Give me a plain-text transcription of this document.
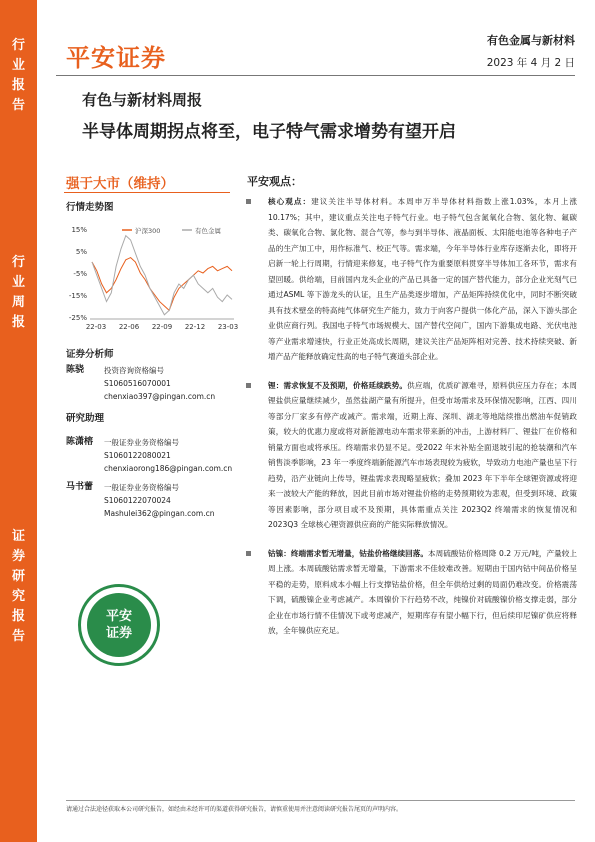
行
业
报
告
行
业
周
报
证
券
研
究
报
告
平安证券
有色金属与新材料
2023 年 4 月 2 日
有色与新材料周报
半导体周期拐点将至，电子特气需求增势有望开启
强于大市（维持）
行情走势图
15%
5%
-5%
-15%
-25%
22-03 22-06 22-09 22-12 23-03
沪深300	有色金属
证券分析师
陈骁	投资咨询资格编号
S1060516070001
chenxiao397@pingan.com.cn
研究助理
陈潇榕 一般证券业务资格编号
S1060122080021
chenxiaorong186@pingan.com.cn
马书蕾 一般证券业务资格编号
S1060122070024
Mashulei362@pingan.com.cn
平安
证券
平安观点：

核心观点：建议关注半导体材料。本周申万半导体材料指数上涨1.03%，本月上涨 10.17%；其中，建议重点关注电子特气行业。电子特气包含氮氧化合物、氢化物、氟碳类、碳氧化合物、氯化物、混合气等，参与到半导体、液晶面板、太阳能电池等各种电子产品的生产加工中，用作标准气、校正气等。需求端，今年半导体行业库存逐渐去化，即将开启新一轮上行周期，行情迎来修复，电子特气作为重要原料贯穿半导体加工各环节，需求有望回暖。供给端，目前国内龙头企业的产品已具备一定的国产替代能力，部分企业光刻气已通过ASML 等下游龙头的认证，且生产品类逐步增加，产品矩阵持续优化中，同时不断突破具有技术壁垒的特高纯气体研究生产能力，致力于向客户提供一体化产品，深入下游头部企业供应商行列。我国电子特气市场规模大、国产替代空间广，国内下游集成电路、光伏电池等产业需求增速快，行业正处高成长周期，建议关注产品矩阵相对完善、技术持续突破、新增产品产能释放确定性高的电子特气赛道头部企业。

锂：需求恢复不及预期，价格延续跌势。供应端，优质矿源难寻，原料供应压力存在；本周锂盐供应量继续减少，虽然盐湖产量有所提升，但受市场需求及环保情况影响，江西、四川等部分厂家多有停产或减产。需求端，近期上海、深圳、湖北等地陆续推出燃油车促销政策，较大的优惠力度或将对新能源电动车需求带来新的冲击，上游材料厂、锂盐厂在价格和销量方面也或将承压。终端需求仍显不足。受2022 年末补贴全面退坡引起的抢装潮和汽车销售淡季影响，23 年一季度终端新能源汽车市场表现较为疲软，导致动力电池产量也呈下行趋势，沿产业链向上传导，锂盐需求表现略显疲软；叠加 2023 年下半年全球锂资源或将迎来一波较大产能的释放，因此目前市场对锂盐价格的走势预期较为悲观，但受到环境、政策等因素影响，部分项目或不及预期，具体需重点关注 2023Q2 终端需求的恢复情况和2023Q3 全球核心锂资源供应商的产能实际释放情况。

钴镍：终端需求暂无增量，钴盐价格继续回落。本周硫酸钴价格周降 0.2 万元/吨，产量较上周上涨。本周硫酸钴需求暂无增量，下游需求不佳较难改善。短期由于国内钴中间品价格呈平稳的走势，原料成本小幅上行支撑钴盐价格，但全年供给过剩的局面仍难改变。价格震荡下调，硫酸镍企业考虑减产。本周镍价下行趋势不改，纯镍价对硫酸镍价格支撑走弱，部分企业在市场行情不佳情况下或考虑减产，短期库存有望小幅下行，但后续印尼镍矿供应将释放，全年镍供应充足。

请通过合法途径获取本公司研究报告，如经由未经许可的渠道获得研究报告，请慎重使用并注意阅读研究报告尾页的声明内容。
